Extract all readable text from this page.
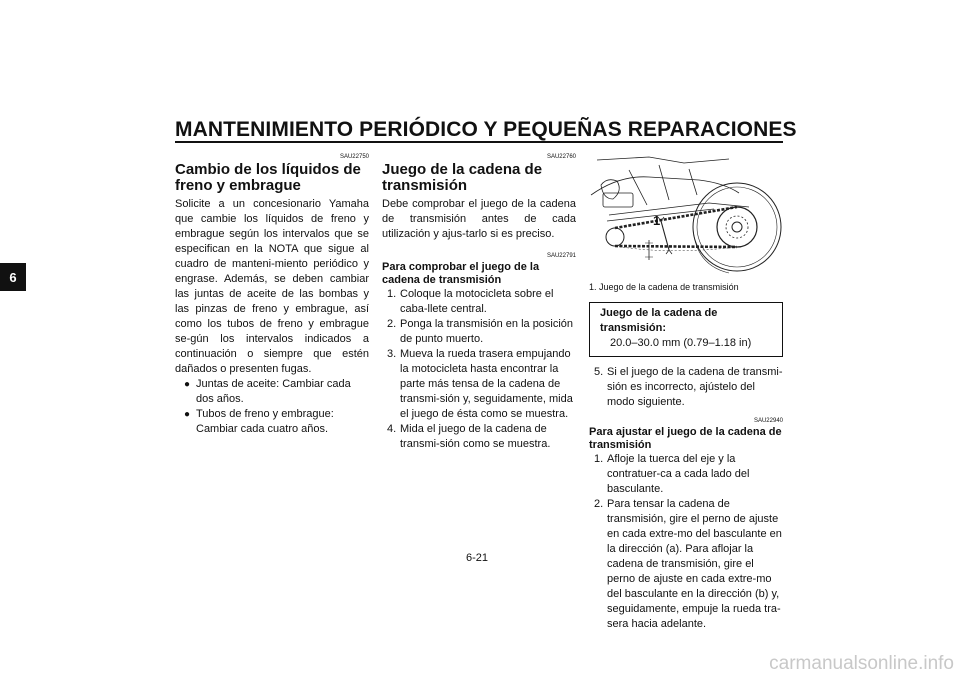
MANTENIMIENTO PERIÓDICO Y PEQUEÑAS REPARACIONES
6
SAU22750
Cambio de los líquidos de freno y embrague

Solicite a un concesionario Yamaha que cambie los líquidos de freno y embrague según los intervalos que se especifican en la NOTA que sigue al cuadro de manteni-miento periódico y engrase. Además, se deben cambiar las juntas de aceite de las bombas y las pinzas de freno y embrague, así como los tubos de freno y embrague se-gún los intervalos indicados a continuación o siempre que estén dañados o presenten fugas.

● Juntas de aceite: Cambiar cada dos años.
● Tubos de freno y embrague: Cambiar cada cuatro años.
SAU22760
Juego de la cadena de transmisión

Debe comprobar el juego de la cadena de transmisión antes de cada utilización y ajus-tarlo si es preciso.

SAU22791
Para comprobar el juego de la cadena de transmisión
1. Coloque la motocicleta sobre el caba-llete central.
2. Ponga la transmisión en la posición de punto muerto.
3. Mueva la rueda trasera empujando la motocicleta hasta encontrar la parte más tensa de la cadena de transmi-sión y, seguidamente, mida el juego de ésta como se muestra.
4. Mida el juego de la cadena de transmi-sión como se muestra.
1
1. Juego de la cadena de transmisión
Juego de la cadena de transmisión:
20.0–30.0 mm (0.79–1.18 in)
5. Si el juego de la cadena de transmi-sión es incorrecto, ajústelo del modo siguiente.
SAU22940
Para ajustar el juego de la cadena de transmisión
1. Afloje la tuerca del eje y la contratuer-ca a cada lado del basculante.
2. Para tensar la cadena de transmisión, gire el perno de ajuste en cada extre-mo del basculante en la dirección (a). Para aflojar la cadena de transmisión, gire el perno de ajuste en cada extre-mo del basculante en la dirección (b) y, seguidamente, empuje la rueda tra-sera hacia adelante.
6-21
carmanualsonline.info
